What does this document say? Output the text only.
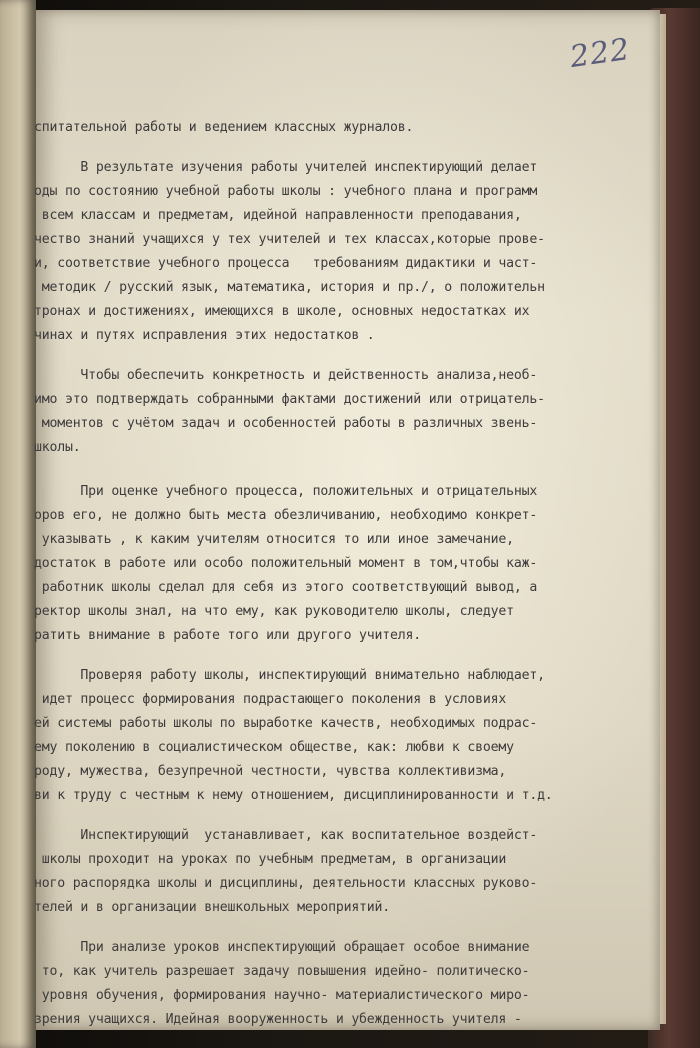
222

спитательной работы и ведением классных журналов.

В результате изучения работы учителей инспектирующий делает

оды по состоянию учебной работы школы : учебного плана и программ

всем классам и предметам, идейной направленности преподавания,

чество знаний учащихся у тех учителей и тех классах,которые прове-

и, соответствие учебного процесса   требованиям дидактики и част-

методик / русский язык, математика, история и пр./, о положительн

тронах и достижениях, имеющихся в школе, основных недостатках их

чинах и путях исправления этих недостатков .

Чтобы обеспечить конкретность и действенность анализа,необ-

имо это подтверждать собранными фактами достижений или отрицатель-

моментов с учётом задач и особенностей работы в различных звень-

школы.

При оценке учебного процесса, положительных и отрицательных

оров его, не должно быть места обезличиванию, необходимо конкрет-

указывать , к каким учителям относится то или иное замечание,

достаток в работе или особо положительный момент в том,чтобы каж-

работник школы сделал для себя из этого соответствующий вывод, а

ректор школы знал, на что ему, как руководителю школы, следует

ратить внимание в работе того или другого учителя.

Проверяя работу школы, инспектирующий внимательно наблюдает,

идет процесс формирования подрастающего поколения в условиях

ей системы работы школы по выработке качеств, необходимых подрас-

ему поколению в социалистическом обществе, как: любви к своему

роду, мужества, безупречной честности, чувства коллективизма,

ви к труду с честным к нему отношением, дисциплинированности и т.д.

Инспектирующий  устанавливает, как воспитательное воздейст-

школы проходит на уроках по учебным предметам, в организации

ного распорядка школы и дисциплины, деятельности классных руково-

телей и в организации внешкольных мероприятий.

При анализе уроков инспектирующий обращает особое внимание

то, как учитель разрешает задачу повышения идейно- политическо-

уровня обучения, формирования научно- материалистического миро-

зрения учащихся. Идейная вооруженность и убежденность учителя -
